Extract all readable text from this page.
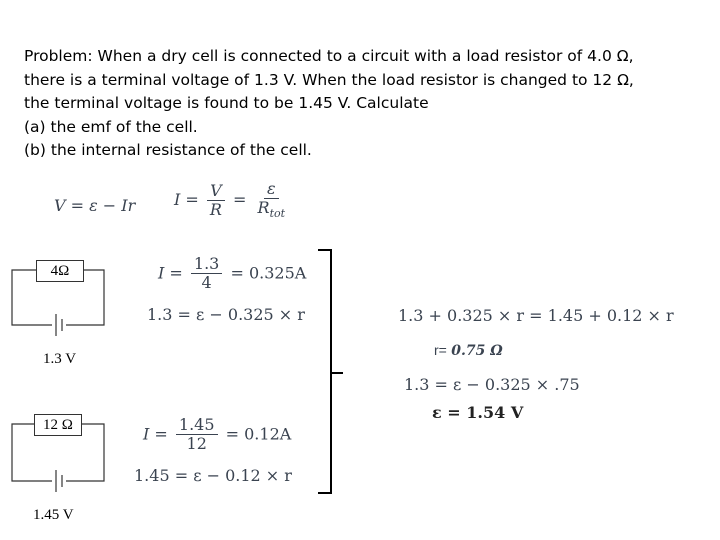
Problem: When a dry cell is connected to a circuit with a load resistor of 4.0 Ω,
there is a terminal voltage of 1.3 V. When the load resistor is changed to 12 Ω,
the terminal voltage is found to be 1.45 V. Calculate
(a) the emf of the cell.
(b) the internal resistance of the cell.
V = ε − Ir $I = \frac{V}{R} = \frac{\varepsilon}{R_{tot}}$
4Ω
1.3 V
12 Ω
1.45 V
$I = \frac{1.3}{4} = 0.325A$
1.3 = ε − 0.325 × r
$I = \frac{1.45}{12} = 0.12A$
1.45 = ε − 0.12 × r
1.3 + 0.325 × r = 1.45 + 0.12 × r
r= 0.75 Ω
1.3 = ε − 0.325 × .75
ε = 1.54 V
